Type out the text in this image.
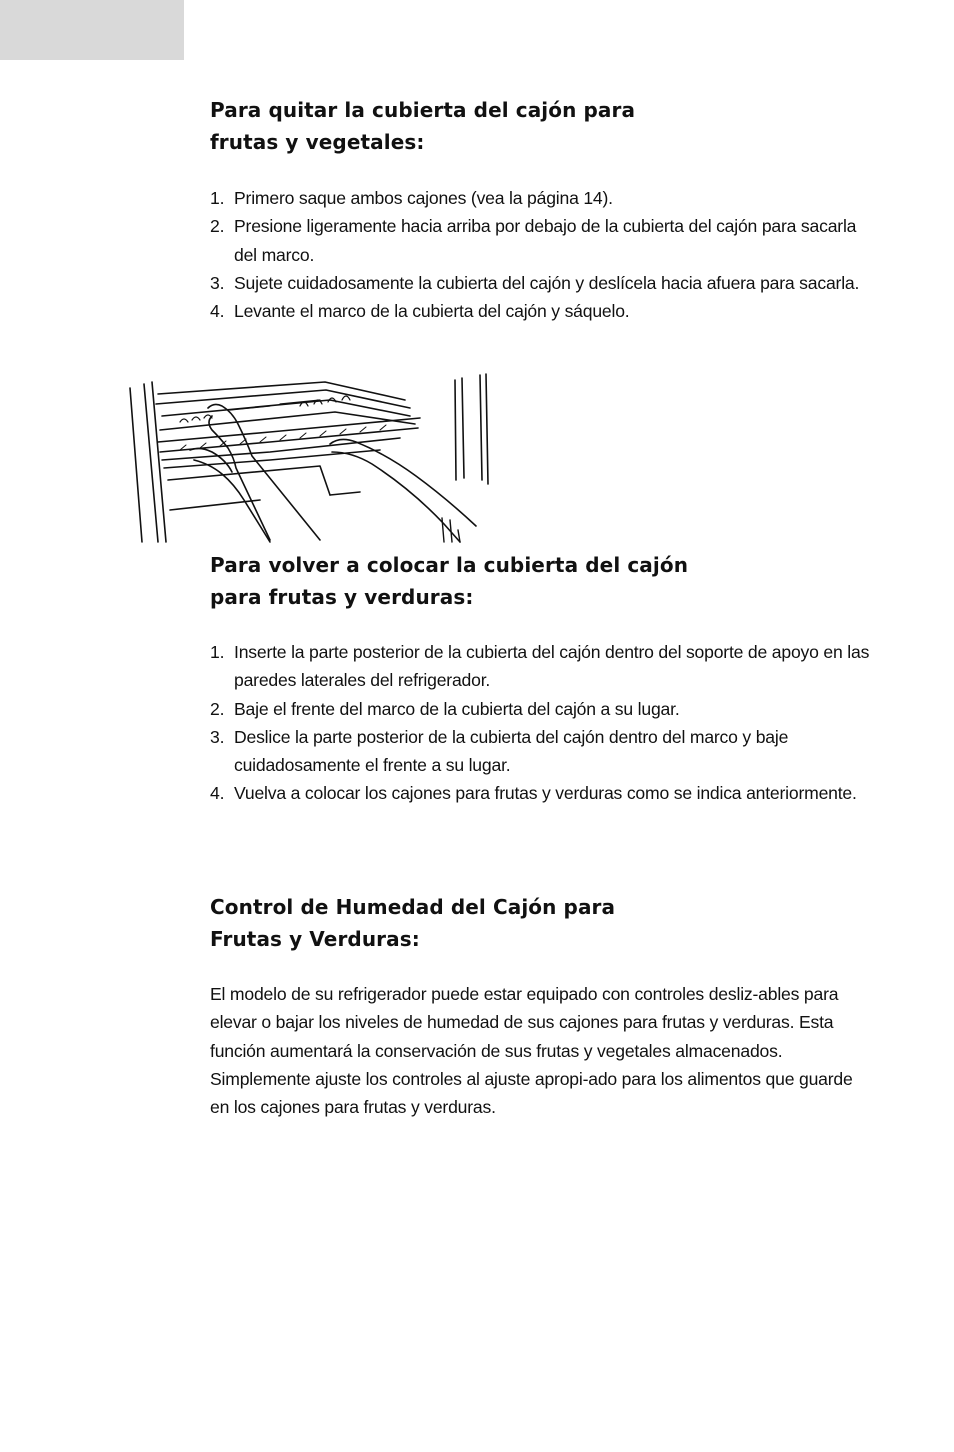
Para quitar la cubierta del cajón para
frutas y vegetales:
1. Primero saque ambos cajones (vea la página 14).
2. Presione ligeramente hacia arriba por debajo de la cubierta del cajón para sacarla del marco.
3. Sujete cuidadosamente la cubierta del cajón y deslícela hacia afuera para sacarla.
4. Levante el marco de la cubierta del cajón y sáquelo.
Para volver a colocar la cubierta del cajón
para frutas y verduras:
1. Inserte la parte posterior de la cubierta del cajón dentro del soporte de apoyo en las paredes laterales del refrigerador.
2. Baje el frente del marco de la cubierta del cajón a su lugar.
3. Deslice la parte posterior de la cubierta del cajón dentro del marco y baje cuidadosamente el frente a su lugar.
4. Vuelva a colocar los cajones para frutas y verduras como se indica anteriormente.
Control de Humedad del Cajón para
Frutas y Verduras:

El modelo de su refrigerador puede estar equipado con controles desliz-ables para elevar o bajar los niveles de humedad de sus cajones para frutas y verduras. Esta función aumentará la conservación de sus frutas y vegetales almacenados. Simplemente ajuste los controles al ajuste apropi-ado para los alimentos que guarde en los cajones para frutas y verduras.
